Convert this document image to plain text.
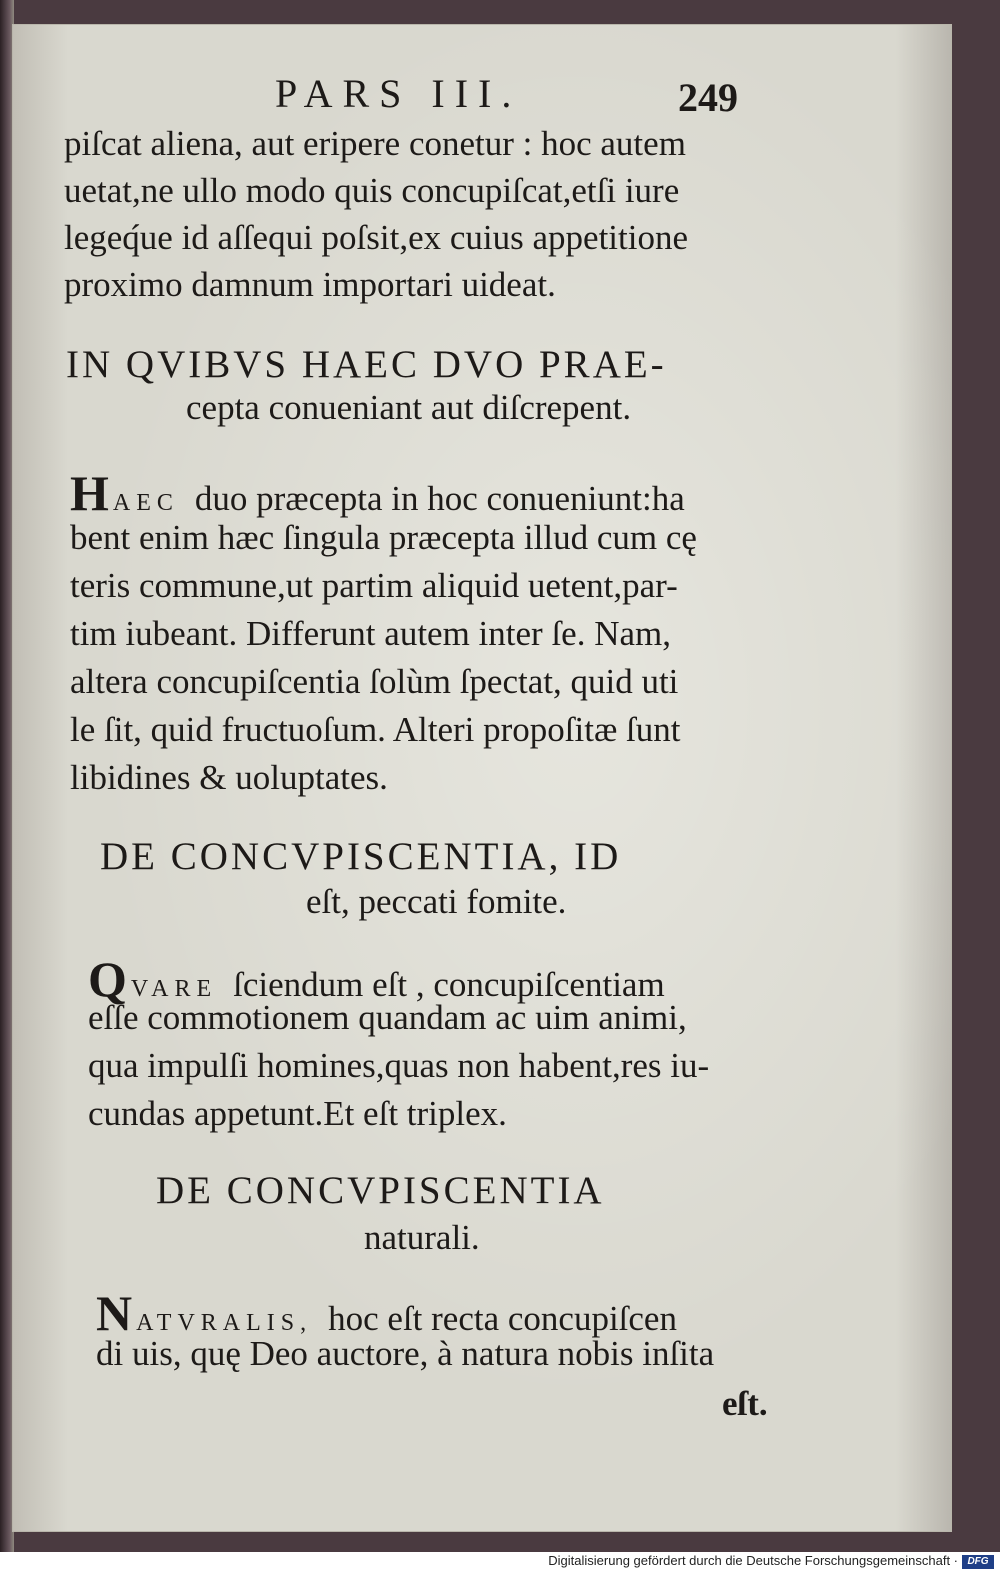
PARS III.	249

piſcat aliena, aut eripere conetur : hoc autem

uetat,ne ullo modo quis concupiſcat,etſi iure

legeq́ue id aſſequi poſsit,ex cuius appetitione

proximo damnum importari uideat.

IN QVIBVS HAEC DVO PRAE-

cepta conueniant aut diſcrepent.

HAEC duo præcepta in hoc conueniunt:ha

bent enim hæc ſingula præcepta illud cum cę

teris commune,ut partim aliquid uetent,par-

tim iubeant. Differunt autem inter ſe. Nam,

altera concupiſcentia ſolùm ſpectat, quid uti

le ſit, quid fructuoſum. Alteri propoſitæ ſunt

libidines & uoluptates.

DE CONCVPISCENTIA, ID

eſt, peccati fomite.

QVARE ſciendum eſt , concupiſcentiam

eſſe commotionem quandam ac uim animi,

qua impulſi homines,quas non habent,res iu-

cundas appetunt.Et eſt triplex.

DE CONCVPISCENTIA

naturali.

NATVRALIS, hoc eſt recta concupiſcen

di uis, quę Deo auctore, à natura nobis inſita

eſt.

Digitalisierung gefördert durch die Deutsche Forschungsgemeinschaft · DFG
